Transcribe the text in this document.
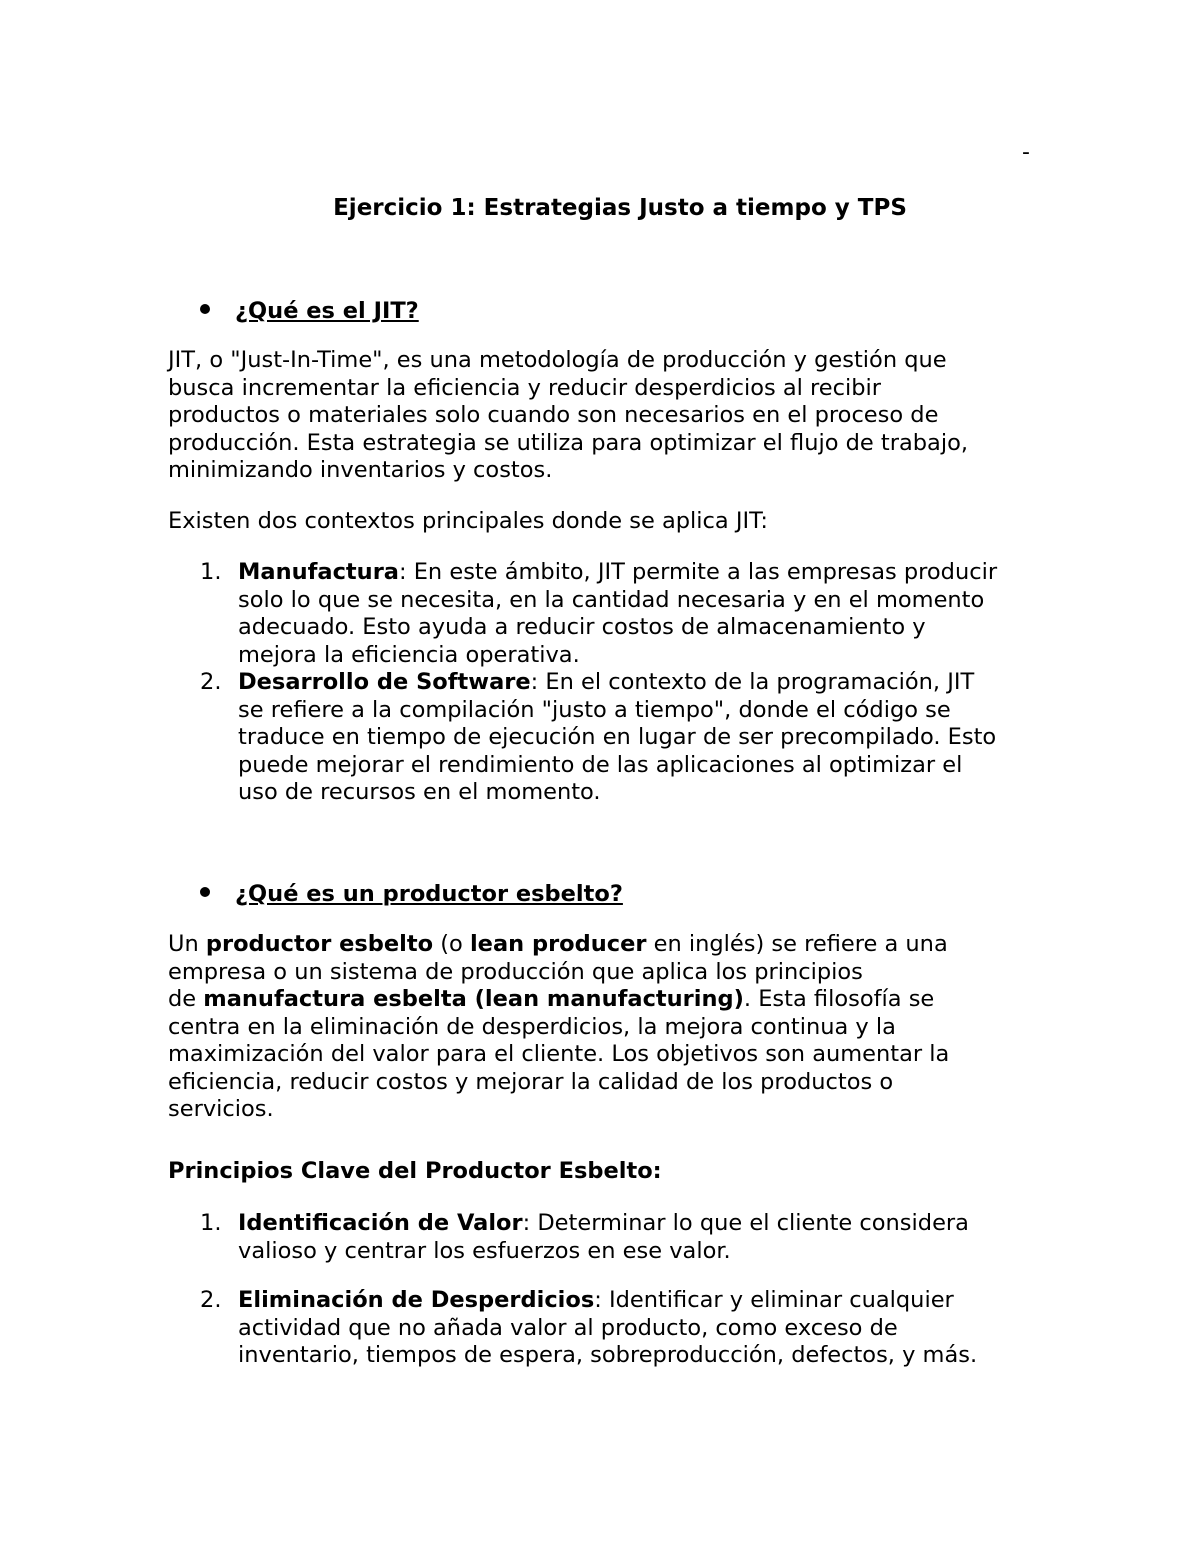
-
Ejercicio 1: Estrategias Justo a tiempo y TPS
¿Qué es el JIT?
JIT, o "Just-In-Time", es una metodología de producción y gestión que
busca incrementar la eficiencia y reducir desperdicios al recibir
productos o materiales solo cuando son necesarios en el proceso de
producción. Esta estrategia se utiliza para optimizar el flujo de trabajo,
minimizando inventarios y costos.
Existen dos contextos principales donde se aplica JIT:
1. Manufactura: En este ámbito, JIT permite a las empresas producir
solo lo que se necesita, en la cantidad necesaria y en el momento
adecuado. Esto ayuda a reducir costos de almacenamiento y
mejora la eficiencia operativa.
2. Desarrollo de Software: En el contexto de la programación, JIT
se refiere a la compilación "justo a tiempo", donde el código se
traduce en tiempo de ejecución en lugar de ser precompilado. Esto
puede mejorar el rendimiento de las aplicaciones al optimizar el
uso de recursos en el momento.
¿Qué es un productor esbelto?
Un productor esbelto (o lean producer en inglés) se refiere a una
empresa o un sistema de producción que aplica los principios
de manufactura esbelta (lean manufacturing). Esta filosofía se
centra en la eliminación de desperdicios, la mejora continua y la
maximización del valor para el cliente. Los objetivos son aumentar la
eficiencia, reducir costos y mejorar la calidad de los productos o
servicios.
Principios Clave del Productor Esbelto:
1. Identificación de Valor: Determinar lo que el cliente considera
valioso y centrar los esfuerzos en ese valor.
2. Eliminación de Desperdicios: Identificar y eliminar cualquier
actividad que no añada valor al producto, como exceso de
inventario, tiempos de espera, sobreproducción, defectos, y más.
